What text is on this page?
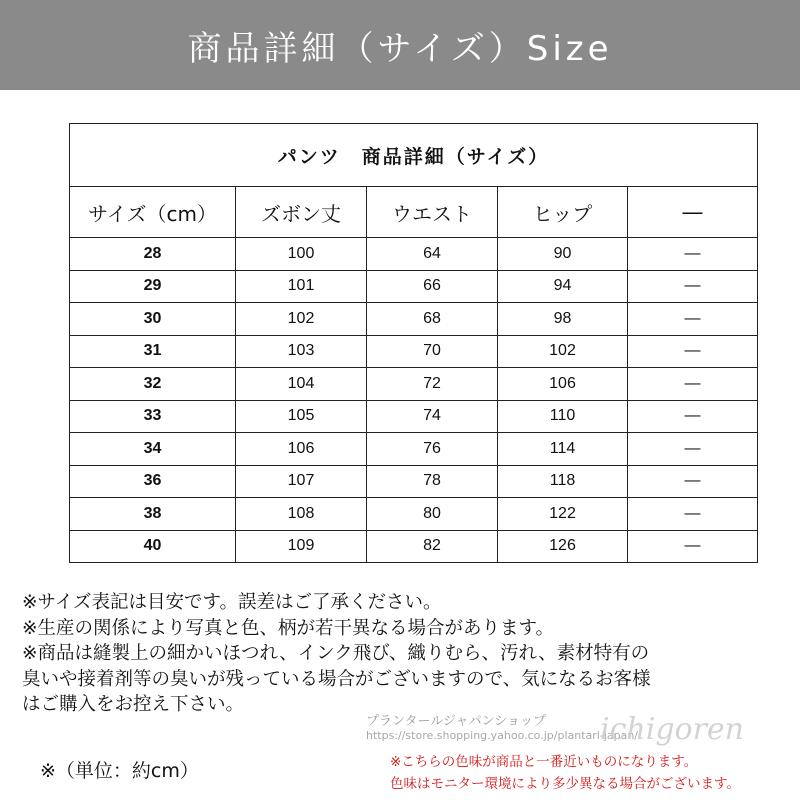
商品詳細（サイズ）Size
パンツ　商品詳細（サイズ）				
サイズ（cm）	ズボン丈	ウエスト	ヒップ	―
28	100	64	90	―
29	101	66	94	―
30	102	68	98	―
31	103	70	102	―
32	104	72	106	―
33	105	74	110	―
34	106	76	114	―
36	107	78	118	―
38	108	80	122	―
40	109	82	126	―
※サイズ表記は目安です。誤差はご了承ください。
※生産の関係により写真と色、柄が若干異なる場合があります。
※商品は縫製上の細かいほつれ、インク飛び、織りむら、汚れ、素材特有の
臭いや接着剤等の臭いが残っている場合がございますので、気になるお客様
はご購入をお控え下さい。
プランタールジャパンショップ
https://store.shopping.yahoo.co.jp/plantarl-japan/
ichigoren
※（単位：約cm）	※こちらの色味が商品と一番近いものになります。
色味はモニター環境により多少異なる場合がございます。
